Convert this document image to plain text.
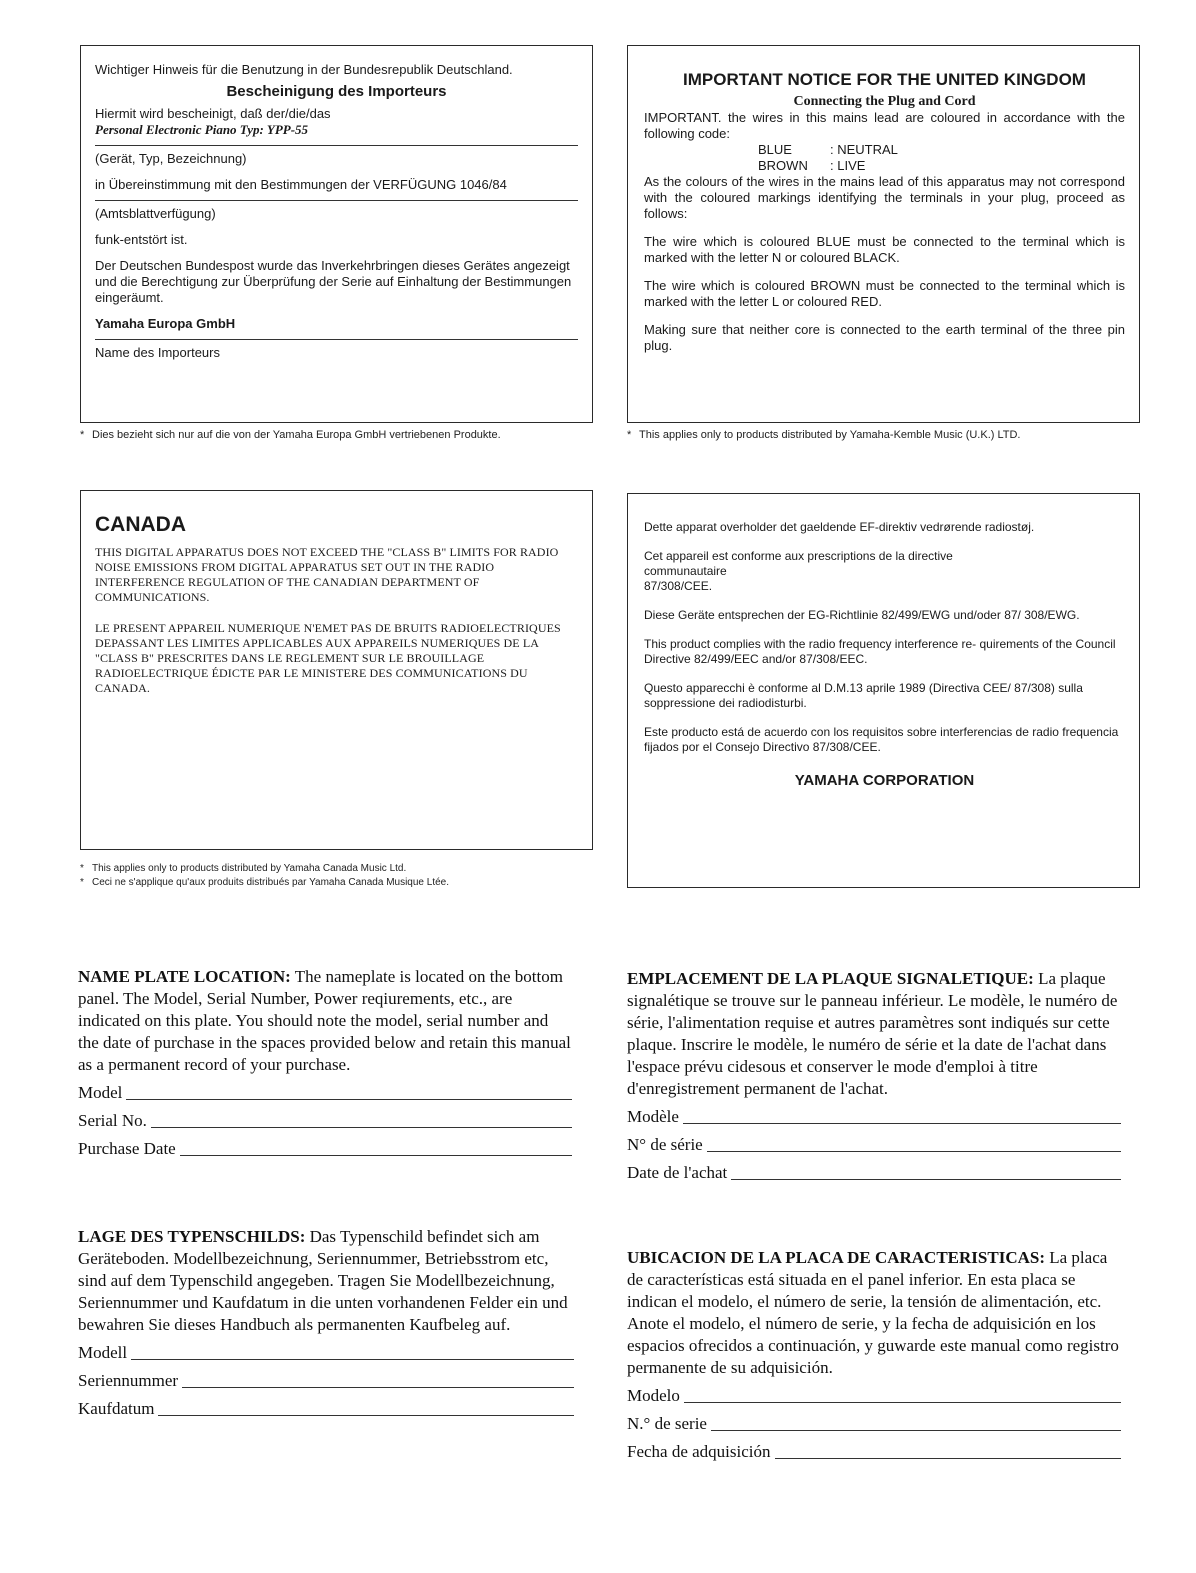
Wichtiger Hinweis für die Benutzung in der Bundesrepublik Deutschland.

Bescheinigung des Importeurs

Hiermit wird bescheinigt, daß der/die/das

Personal Electronic Piano Typ: YPP-55

(Gerät, Typ, Bezeichnung)

in Übereinstimmung mit den Bestimmungen der VERFÜGUNG 1046/84

(Amtsblattverfügung)

funk-entstört ist.

Der Deutschen Bundespost wurde das Inverkehrbringen dieses Gerätes angezeigt und die Berechtigung zur Überprüfung der Serie auf Einhaltung der Bestimmungen eingeräumt.

Yamaha Europa GmbH

Name des Importeurs

* Dies bezieht sich nur auf die von der Yamaha Europa GmbH vertriebenen Produkte.
IMPORTANT NOTICE FOR THE UNITED KINGDOM
Connecting the Plug and Cord

IMPORTANT. the wires in this mains lead are coloured in accordance with the following code:

BLUE	: NEUTRAL
BROWN	: LIVE

As the colours of the wires in the mains lead of this apparatus may not correspond with the coloured markings identifying the terminals in your plug, proceed as follows:

The wire which is coloured BLUE must be connected to the terminal which is marked with the letter N or coloured BLACK.

The wire which is coloured BROWN must be connected to the terminal which is marked with the letter L or coloured RED.

Making sure that neither core is connected to the earth terminal of the three pin plug.

* This applies only to products distributed by Yamaha-Kemble Music (U.K.) LTD.
CANADA

THIS DIGITAL APPARATUS DOES NOT EXCEED THE "CLASS B" LIMITS FOR RADIO NOISE EMISSIONS FROM DIGITAL APPARATUS SET OUT IN THE RADIO INTERFERENCE REGULATION OF THE CANADIAN DEPARTMENT OF COMMUNICATIONS.

LE PRESENT APPAREIL NUMERIQUE N'EMET PAS DE BRUITS RADIOELECTRIQUES DEPASSANT LES LIMITES APPLICABLES AUX APPAREILS NUMERIQUES DE LA "CLASS B" PRESCRITES DANS LE REGLEMENT SUR LE BROUILLAGE RADIOELECTRIQUE ÉDICTE PAR LE MINISTERE DES COMMUNICATIONS DU CANADA.

* This applies only to products distributed by Yamaha Canada Music Ltd.
* Ceci ne s'applique qu'aux produits distribués par Yamaha Canada Musique Ltée.

Dette apparat overholder det gaeldende EF-direktiv vedrørende radiostøj.

Cet appareil est conforme aux prescriptions de la directive
communautaire
87/308/CEE.

Diese Geräte entsprechen der EG-Richtlinie 82/499/EWG und/oder 87/ 308/EWG.

This product complies with the radio frequency interference re- quirements of the Council Directive 82/499/EEC and/or 87/308/EEC.

Questo apparecchi è conforme al D.M.13 aprile 1989 (Directiva CEE/ 87/308) sulla soppressione dei radiodisturbi.

Este producto está de acuerdo con los requisitos sobre interferencias de radio frequencia fijados por el Consejo Directivo 87/308/CEE.

YAMAHA CORPORATION
NAME PLATE LOCATION: The nameplate is located on the bottom panel. The Model, Serial Number, Power reqiurements, etc., are indicated on this plate. You should note the model, serial number and the date of purchase in the spaces provided below and retain this manual as a permanent record of your purchase.
Model
Serial No.
Purchase Date
EMPLACEMENT DE LA PLAQUE SIGNALETIQUE: La plaque signalétique se trouve sur le panneau inférieur. Le modèle, le numéro de série, l'alimentation requise et autres paramètres sont indiqués sur cette plaque. Inscrire le modèle, le numéro de série et la date de l'achat dans l'espace prévu cidesous et conserver le mode d'emploi à titre d'enregistrement permanent de l'achat.
Modèle
N° de série
Date de l'achat
LAGE DES TYPENSCHILDS: Das Typenschild befindet sich am Geräteboden. Modellbezeichnung, Seriennummer, Betriebsstrom etc, sind auf dem Typenschild angegeben. Tragen Sie Modellbezeichnung, Seriennummer und Kaufdatum in die unten vorhandenen Felder ein und bewahren Sie dieses Handbuch als permanenten Kaufbeleg auf.
Modell
Seriennummer
Kaufdatum
UBICACION DE LA PLACA DE CARACTERISTICAS: La placa de características está situada en el panel inferior. En esta placa se indican el modelo, el número de serie, la tensión de alimentación, etc. Anote el modelo, el número de serie, y la fecha de adquisición en los espacios ofrecidos a continuación, y guwarde este manual como registro permanente de su adquisición.
Modelo
N.° de serie
Fecha de adquisición
